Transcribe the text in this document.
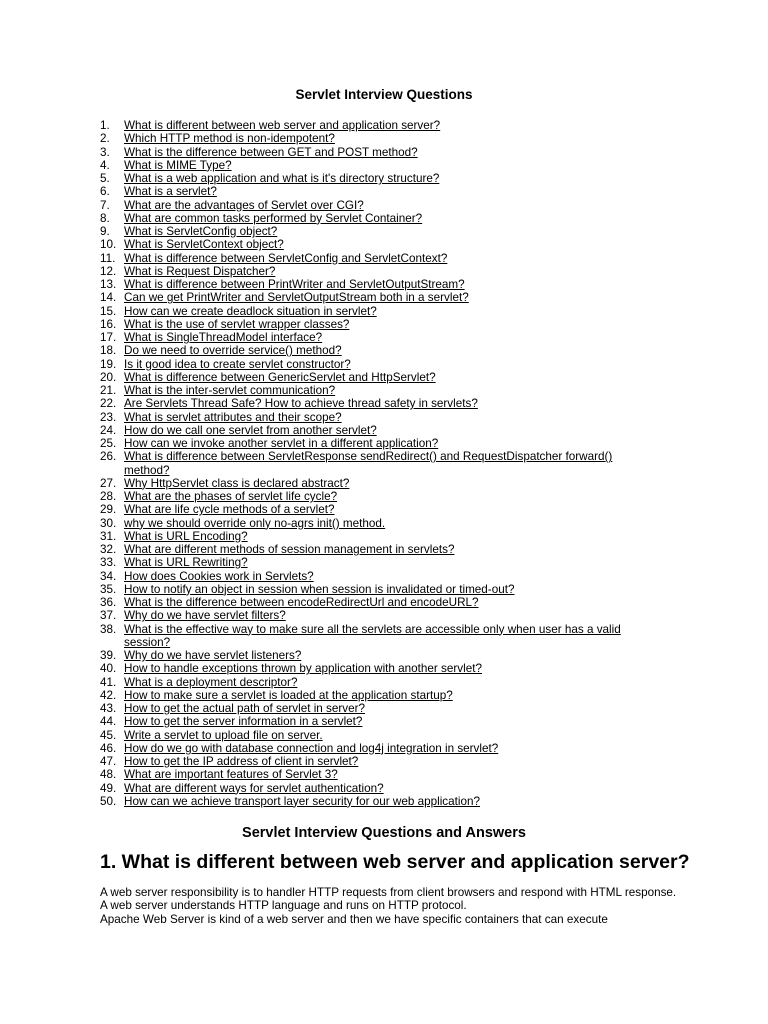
Servlet Interview Questions
1.	What is different between web server and application server?
2.	Which HTTP method is non-idempotent?
3.	What is the difference between GET and POST method?
4.	What is MIME Type?
5.	What is a web application and what is it's directory structure?
6.	What is a servlet?
7.	What are the advantages of Servlet over CGI?
8.	What are common tasks performed by Servlet Container?
9.	What is ServletConfig object?
10. What is ServletContext object?
11. What is difference between ServletConfig and ServletContext?
12. What is Request Dispatcher?
13. What is difference between PrintWriter and ServletOutputStream?
14. Can we get PrintWriter and ServletOutputStream both in a servlet?
15. How can we create deadlock situation in servlet?
16. What is the use of servlet wrapper classes?
17. What is SingleThreadModel interface?
18. Do we need to override service() method?
19. Is it good idea to create servlet constructor?
20. What is difference between GenericServlet and HttpServlet?
21. What is the inter-servlet communication?
22. Are Servlets Thread Safe? How to achieve thread safety in servlets?
23. What is servlet attributes and their scope?
24. How do we call one servlet from another servlet?
25. How can we invoke another servlet in a different application?
26. What is difference between ServletResponse sendRedirect() and RequestDispatcher forward() method?
27. Why HttpServlet class is declared abstract?
28. What are the phases of servlet life cycle?
29. What are life cycle methods of a servlet?
30. why we should override only no-agrs init() method.
31. What is URL Encoding?
32. What are different methods of session management in servlets?
33. What is URL Rewriting?
34. How does Cookies work in Servlets?
35. How to notify an object in session when session is invalidated or timed-out?
36. What is the difference between encodeRedirectUrl and encodeURL?
37. Why do we have servlet filters?
38. What is the effective way to make sure all the servlets are accessible only when user has a valid session?
39. Why do we have servlet listeners?
40. How to handle exceptions thrown by application with another servlet?
41. What is a deployment descriptor?
42. How to make sure a servlet is loaded at the application startup?
43. How to get the actual path of servlet in server?
44. How to get the server information in a servlet?
45. Write a servlet to upload file on server.
46. How do we go with database connection and log4j integration in servlet?
47. How to get the IP address of client in servlet?
48. What are important features of Servlet 3?
49. What are different ways for servlet authentication?
50. How can we achieve transport layer security for our web application?
Servlet Interview Questions and Answers
1. What is different between web server and application server?

A web server responsibility is to handler HTTP requests from client browsers and respond with HTML response. A web server understands HTTP language and runs on HTTP protocol.

Apache Web Server is kind of a web server and then we have specific containers that can execute
